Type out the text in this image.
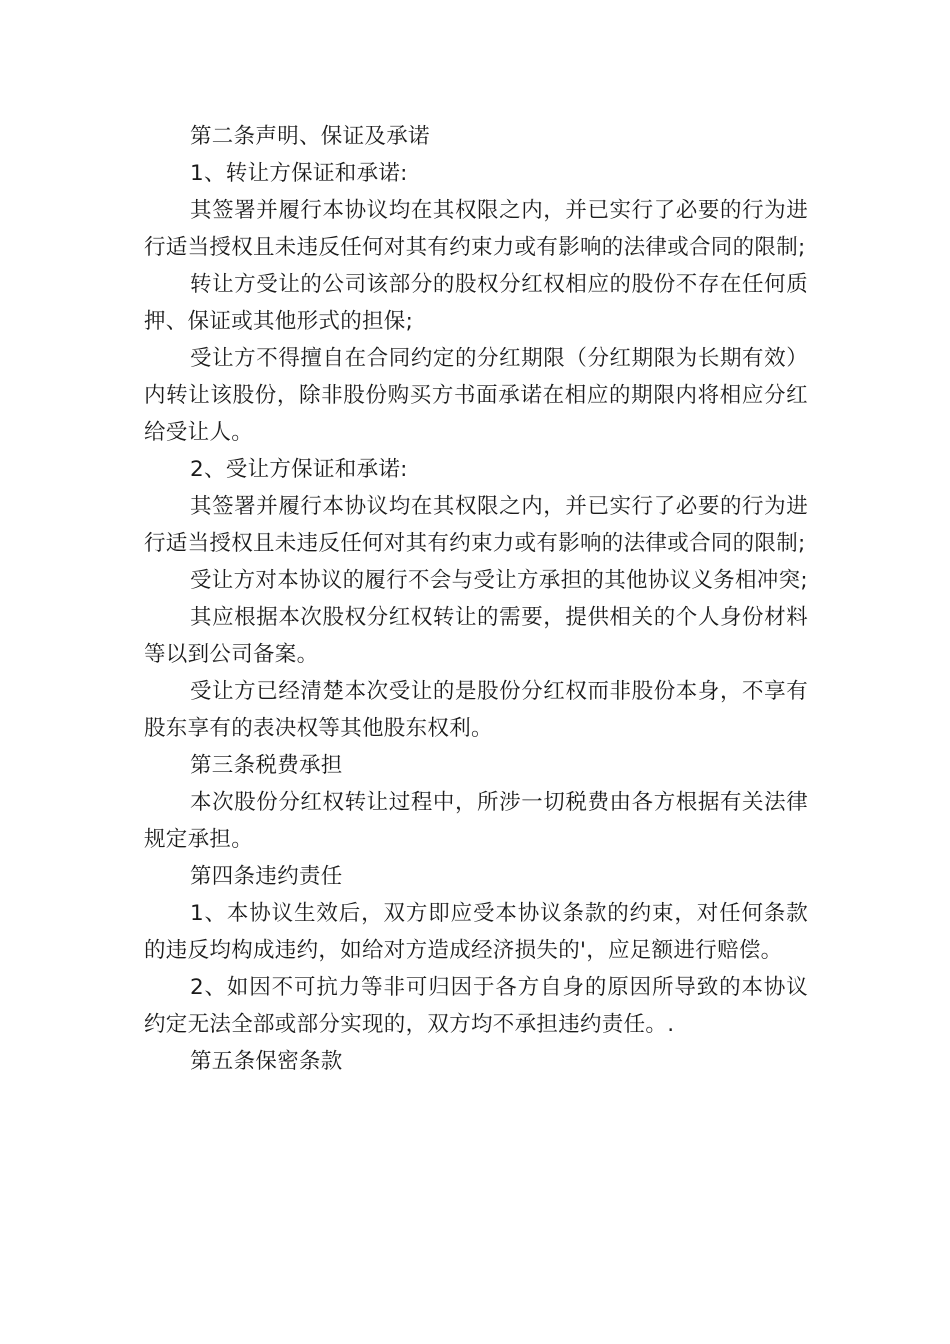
第二条声明、保证及承诺

1、转让方保证和承诺:

其签署并履行本协议均在其权限之内，并已实行了必要的行为进行适当授权且未违反任何对其有约束力或有影响的法律或合同的限制;

转让方受让的公司该部分的股权分红权相应的股份不存在任何质押、保证或其他形式的担保;

受让方不得擅自在合同约定的分红期限（分红期限为长期有效）内转让该股份，除非股份购买方书面承诺在相应的期限内将相应分红给受让人。

2、受让方保证和承诺:

其签署并履行本协议均在其权限之内，并已实行了必要的行为进行适当授权且未违反任何对其有约束力或有影响的法律或合同的限制;

受让方对本协议的履行不会与受让方承担的其他协议义务相冲突;

其应根据本次股权分红权转让的需要，提供相关的个人身份材料等以到公司备案。

受让方已经清楚本次受让的是股份分红权而非股份本身，不享有股东享有的表决权等其他股东权利。

第三条税费承担

本次股份分红权转让过程中，所涉一切税费由各方根据有关法律规定承担。

第四条违约责任

1、本协议生效后，双方即应受本协议条款的约束，对任何条款的违反均构成违约，如给对方造成经济损失的'，应足额进行赔偿。

2、如因不可抗力等非可归因于各方自身的原因所导致的本协议约定无法全部或部分实现的，双方均不承担违约责任。.

第五条保密条款
